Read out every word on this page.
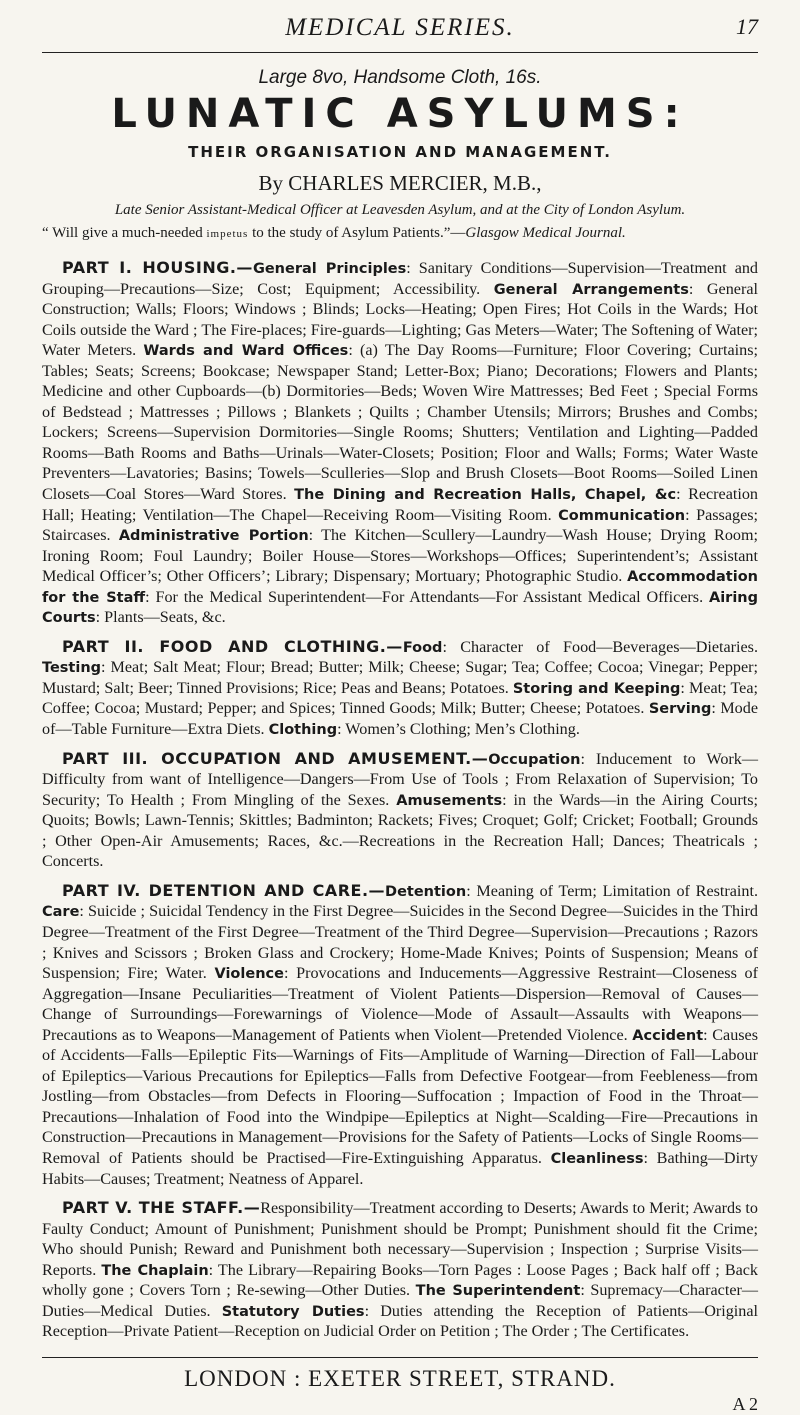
MEDICAL SERIES.	17
Large 8vo, Handsome Cloth, 16s.
LUNATIC ASYLUMS:
THEIR ORGANISATION AND MANAGEMENT.
By CHARLES MERCIER, M.B.,
Late Senior Assistant-Medical Officer at Leavesden Asylum, and at the City of London Asylum.
“ Will give a much-needed impetus to the study of Asylum Patients.”—Glasgow Medical Journal.

PART I. HOUSING.—General Principles: Sanitary Conditions—Supervision—Treatment and Grouping—Precautions—Size; Cost; Equipment; Accessibility. General Arrangements: General Construction; Walls; Floors; Windows ; Blinds; Locks—Heating; Open Fires; Hot Coils in the Wards; Hot Coils outside the Ward ; The Fire-places; Fire-guards—Lighting; Gas Meters—Water; The Softening of Water; Water Meters. Wards and Ward Offices: (a) The Day Rooms—Furniture; Floor Covering; Curtains; Tables; Seats; Screens; Bookcase; Newspaper Stand; Letter-Box; Piano; Decorations; Flowers and Plants; Medicine and other Cupboards—(b) Dormitories—Beds; Woven Wire Mattresses; Bed Feet ; Special Forms of Bedstead ; Mattresses ; Pillows ; Blankets ; Quilts ; Chamber Utensils; Mirrors; Brushes and Combs; Lockers; Screens—Supervision Dormitories—Single Rooms; Shutters; Ventilation and Lighting—Padded Rooms—Bath Rooms and Baths—Urinals—Water-Closets; Position; Floor and Walls; Forms; Water Waste Preventers—Lavatories; Basins; Towels—Sculleries—Slop and Brush Closets—Boot Rooms—Soiled Linen Closets—Coal Stores—Ward Stores. The Dining and Recreation Halls, Chapel, &c: Recreation Hall; Heating; Ventilation—The Chapel—Receiving Room—Visiting Room. Communication: Passages; Staircases. Administrative Portion: The Kitchen—Scullery—Laundry—Wash House; Drying Room; Ironing Room; Foul Laundry; Boiler House—Stores—Workshops—Offices; Superintendent’s; Assistant Medical Officer’s; Other Officers’; Library; Dispensary; Mortuary; Photographic Studio. Accommodation for the Staff: For the Medical Superintendent—For Attendants—For Assistant Medical Officers. Airing Courts: Plants—Seats, &c.

PART II. FOOD AND CLOTHING.—Food: Character of Food—Beverages—Dietaries. Testing: Meat; Salt Meat; Flour; Bread; Butter; Milk; Cheese; Sugar; Tea; Coffee; Cocoa; Vinegar; Pepper; Mustard; Salt; Beer; Tinned Provisions; Rice; Peas and Beans; Potatoes. Storing and Keeping: Meat; Tea; Coffee; Cocoa; Mustard; Pepper; and Spices; Tinned Goods; Milk; Butter; Cheese; Potatoes. Serving: Mode of—Table Furniture—Extra Diets. Clothing: Women’s Clothing; Men’s Clothing.

PART III. OCCUPATION AND AMUSEMENT.—Occupation: Inducement to Work—Difficulty from want of Intelligence—Dangers—From Use of Tools ; From Relaxation of Supervision; To Security; To Health ; From Mingling of the Sexes. Amusements: in the Wards—in the Airing Courts; Quoits; Bowls; Lawn-Tennis; Skittles; Badminton; Rackets; Fives; Croquet; Golf; Cricket; Football; Grounds ; Other Open-Air Amusements; Races, &c.—Recreations in the Recreation Hall; Dances; Theatricals ; Concerts.

PART IV. DETENTION AND CARE.—Detention: Meaning of Term; Limitation of Restraint. Care: Suicide ; Suicidal Tendency in the First Degree—Suicides in the Second Degree—Suicides in the Third Degree—Treatment of the First Degree—Treatment of the Third Degree—Supervision—Precautions ; Razors ; Knives and Scissors ; Broken Glass and Crockery; Home-Made Knives; Points of Suspension; Means of Suspension; Fire; Water. Violence: Provocations and Inducements—Aggressive Restraint—Closeness of Aggregation—Insane Peculiarities—Treatment of Violent Patients—Dispersion—Removal of Causes—Change of Surroundings—Forewarnings of Violence—Mode of Assault—Assaults with Weapons—Precautions as to Weapons—Management of Patients when Violent—Pretended Violence. Accident: Causes of Accidents—Falls—Epileptic Fits—Warnings of Fits—Amplitude of Warning—Direction of Fall—Labour of Epileptics—Various Precautions for Epileptics—Falls from Defective Footgear—from Feebleness—from Jostling—from Obstacles—from Defects in Flooring—Suffocation ; Impaction of Food in the Throat—Precautions—Inhalation of Food into the Windpipe—Epileptics at Night—Scalding—Fire—Precautions in Construction—Precautions in Management—Provisions for the Safety of Patients—Locks of Single Rooms—Removal of Patients should be Practised—Fire-Extinguishing Apparatus. Cleanliness: Bathing—Dirty Habits—Causes; Treatment; Neatness of Apparel.

PART V. THE STAFF.—Responsibility—Treatment according to Deserts; Awards to Merit; Awards to Faulty Conduct; Amount of Punishment; Punishment should be Prompt; Punishment should fit the Crime; Who should Punish; Reward and Punishment both necessary—Supervision ; Inspection ; Surprise Visits—Reports. The Chaplain: The Library—Repairing Books—Torn Pages : Loose Pages ; Back half off ; Back wholly gone ; Covers Torn ; Re-sewing—Other Duties. The Superintendent: Supremacy—Character—Duties—Medical Duties. Statutory Duties: Duties attending the Reception of Patients—Original Reception—Private Patient—Reception on Judicial Order on Petition ; The Order ; The Certificates.

LONDON : EXETER STREET, STRAND.
A 2
